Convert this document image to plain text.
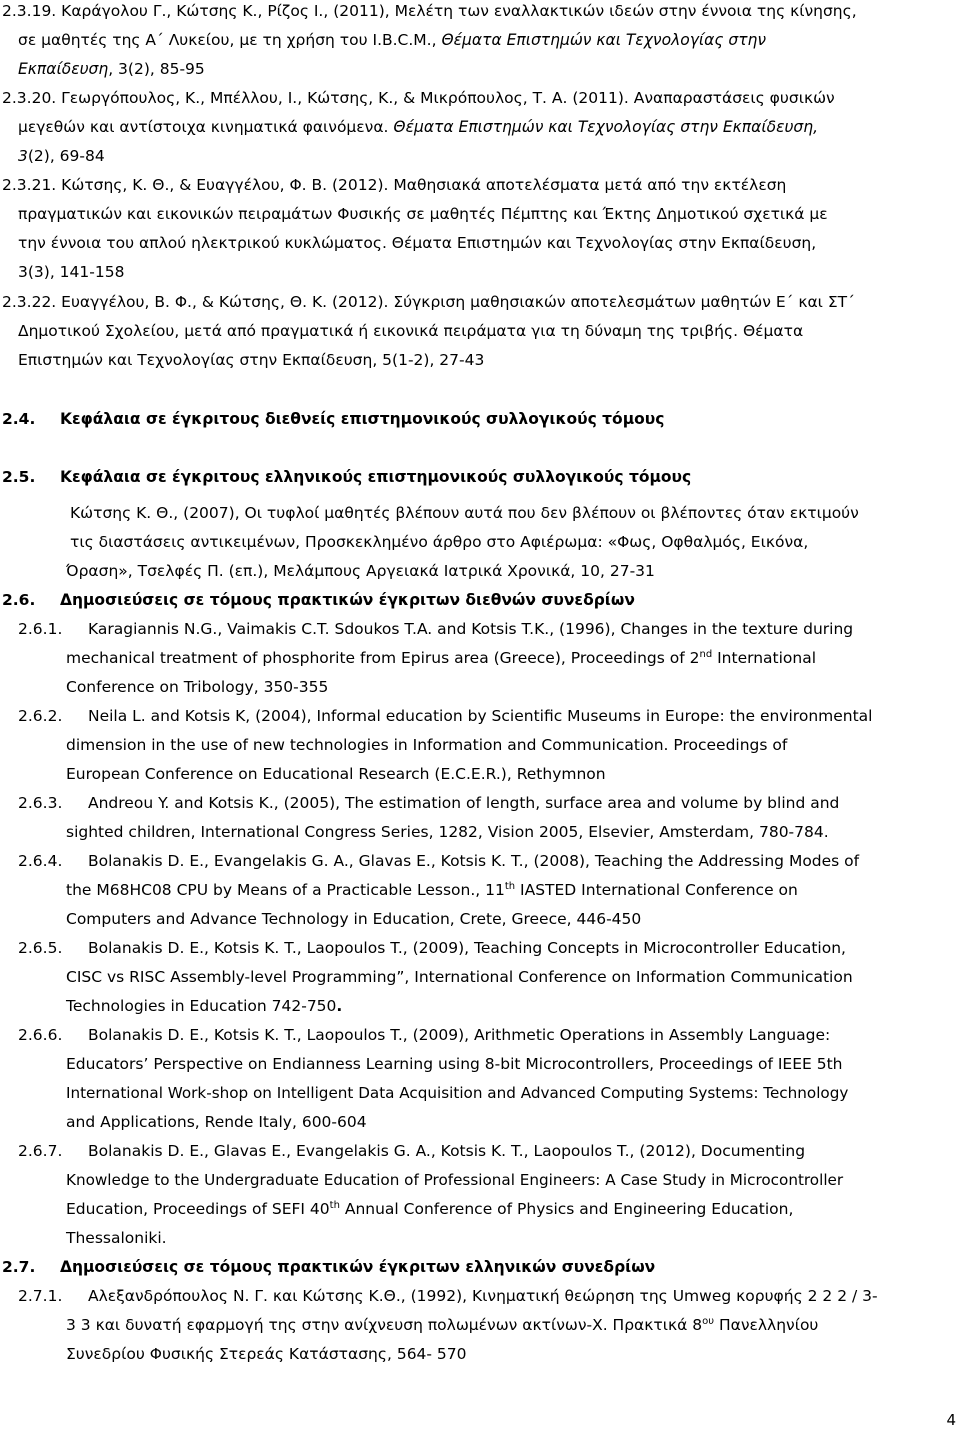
2.3.19. Καράγολου Γ., Κώτσης Κ., Ρίζος Ι., (2011), Μελέτη των εναλλακτικών ιδεών στην έννοια της κίνησης,
σε μαθητές της Α΄ Λυκείου, με τη χρήση του I.B.C.M., Θέματα Επιστημών και Τεχνολογίας στην
Εκπαίδευση, 3(2), 85-95
2.3.20. Γεωργόπουλος, Κ., Μπέλλου, Ι., Κώτσης, Κ., & Μικρόπουλος, Τ. Α. (2011). Αναπαραστάσεις φυσικών
μεγεθών και αντίστοιχα κινηματικά φαινόμενα. Θέματα Επιστημών και Τεχνολογίας στην Εκπαίδευση,
3(2), 69-84
2.3.21. Κώτσης, Κ. Θ., & Ευαγγέλου, Φ. Β. (2012). Μαθησιακά αποτελέσματα μετά από την εκτέλεση
πραγματικών και εικονικών πειραμάτων Φυσικής σε μαθητές Πέμπτης και Έκτης Δημοτικού σχετικά με
την έννοια του απλού ηλεκτρικού κυκλώματος. Θέματα Επιστημών και Τεχνολογίας στην Εκπαίδευση,
3(3), 141-158
2.3.22. Ευαγγέλου, Β. Φ., & Κώτσης, Θ. Κ. (2012). Σύγκριση μαθησιακών αποτελεσμάτων μαθητών Ε΄ και ΣΤ΄
Δημοτικού Σχολείου, μετά από πραγματικά ή εικονικά πειράματα για τη δύναμη της τριβής. Θέματα
Επιστημών και Τεχνολογίας στην Εκπαίδευση, 5(1-2), 27-43
2.4. Κεφάλαια σε έγκριτους διεθνείς επιστημονικούς συλλογικούς τόμους
2.5. Κεφάλαια σε έγκριτους ελληνικούς επιστημονικούς συλλογικούς τόμους
Κώτσης Κ. Θ., (2007), Οι τυφλοί μαθητές βλέπουν αυτά που δεν βλέπουν οι βλέποντες όταν εκτιμούν
τις διαστάσεις αντικειμένων, Προσκεκλημένο άρθρο στο Αφιέρωμα: «Φως, Οφθαλμός, Εικόνα,
Όραση», Τσελφές Π. (επ.), Μελάμπους Αργειακά Ιατρικά Χρονικά, 10, 27-31
2.6. Δημοσιεύσεις σε τόμους πρακτικών έγκριτων διεθνών συνεδρίων
2.6.1. Karagiannis N.G., Vaimakis C.T. Sdoukos T.A. and Kotsis T.K., (1996), Changes in the texture during
mechanical treatment of phosphorite from Epirus area (Greece), Proceedings of 2nd International
Conference on Tribology, 350-355
2.6.2. Neila L. and Kotsis K, (2004), Informal education by Scientific Museums in Europe: the environmental
dimension in the use of new technologies in Information and Communication. Proceedings of
European Conference on Educational Research (E.C.E.R.), Rethymnon
2.6.3. Andreou Y. and Kotsis K., (2005), The estimation of length, surface area and volume by blind and
sighted children, International Congress Series, 1282, Vision 2005, Elsevier, Amsterdam, 780-784.
2.6.4. Bolanakis D. E., Evangelakis G. A., Glavas E., Kotsis K. T., (2008), Teaching the Addressing Modes of
the M68HC08 CPU by Means of a Practicable Lesson., 11th IASTED International Conference on
Computers and Advance Technology in Education, Crete, Greece, 446-450
2.6.5. Bolanakis D. E., Kotsis K. T., Laopoulos T., (2009), Teaching Concepts in Microcontroller Education,
CISC vs RISC Assembly-level Programming”, International Conference on Information Communication
Technologies in Education 742-750.
2.6.6. Bolanakis D. E., Kotsis K. T., Laopoulos T., (2009), Arithmetic Operations in Assembly Language:
Educators’ Perspective on Endianness Learning using 8-bit Microcontrollers, Proceedings of IEEE 5th
International Work-shop on Intelligent Data Acquisition and Advanced Computing Systems: Technology
and Applications, Rende Italy, 600-604
2.6.7. Bolanakis D. E., Glavas E., Evangelakis G. A., Kotsis K. T., Laopoulos T., (2012), Documenting
Knowledge to the Undergraduate Education of Professional Engineers: A Case Study in Microcontroller
Education, Proceedings of SEFI 40th Annual Conference of Physics and Engineering Education,
Thessaloniki.
2.7. Δημοσιεύσεις σε τόμους πρακτικών έγκριτων ελληνικών συνεδρίων
2.7.1. Αλεξανδρόπουλος Ν. Γ. και Κώτσης Κ.Θ., (1992), Κινηματική θεώρηση της Umweg κορυφής 2 2 2 / 3-
3 3 και δυνατή εφαρμογή της στην ανίχνευση πολωμένων ακτίνων-Χ. Πρακτικά $8^{o\upsilon}$ Πανελληνίου
Συνεδρίου Φυσικής Στερεάς Κατάστασης, 564- 570
4
